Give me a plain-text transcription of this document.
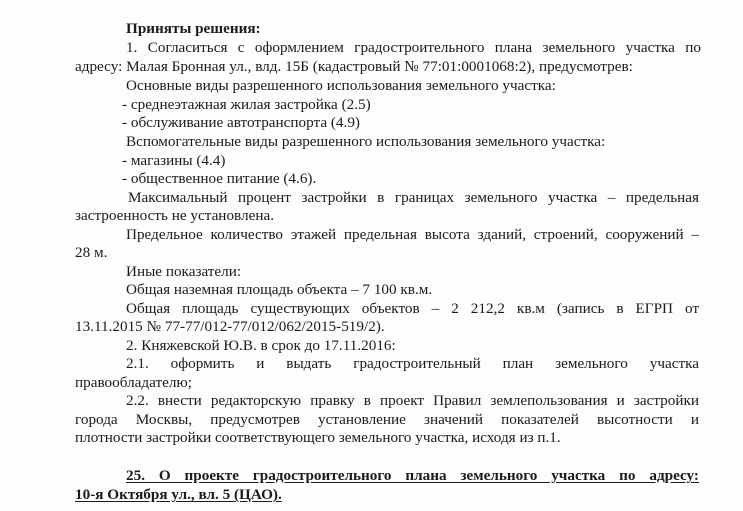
Приняты решения:

1. Согласиться с оформлением градостроительного плана земельного участка по

адресу: Малая Бронная ул., влд. 15Б (кадастровый № 77:01:0001068:2), предусмотрев:

Основные виды разрешенного использования земельного участка:

- среднеэтажная жилая застройка (2.5)

- обслуживание автотранспорта (4.9)

Вспомогательные виды разрешенного использования земельного участка:

- магазины (4.4)

- общественное питание (4.6).

Максимальный процент застройки в границах земельного участка – предельная

застроенность не установлена.

Предельное количество этажей предельная высота зданий, строений, сооружений –

28 м.

Иные показатели:

Общая наземная площадь объекта – 7 100 кв.м.

Общая площадь существующих объектов – 2 212,2 кв.м (запись в ЕГРП от

13.11.2015 № 77-77/012-77/012/062/2015-519/2).

2. Княжевской Ю.В. в срок до 17.11.2016:

2.1. оформить и выдать градостроительный план земельного участка

правообладателю;

2.2. внести редакторскую правку в проект Правил землепользования и застройки

города Москвы, предусмотрев установление значений показателей высотности и

плотности застройки соответствующего земельного участка, исходя из п.1.

25. О проекте градостроительного плана земельного участка по адресу:

10-я Октября ул., вл. 5 (ЦАО).
